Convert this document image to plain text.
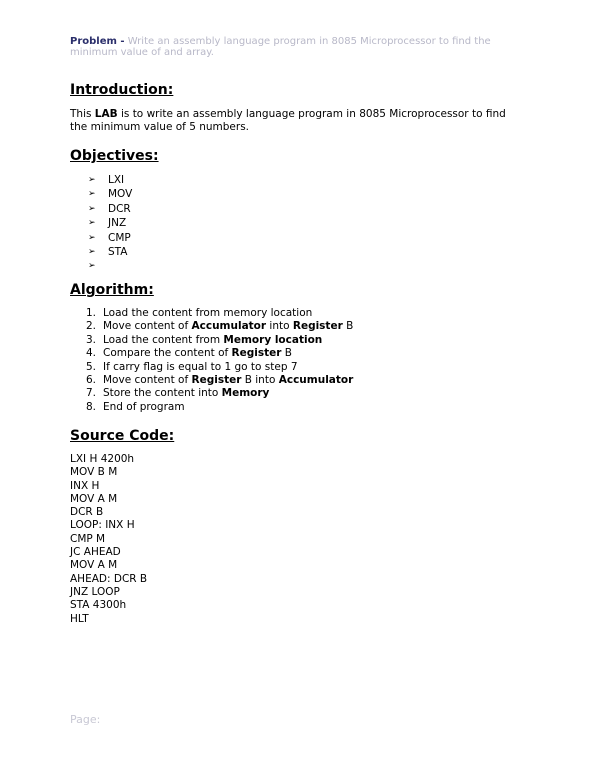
Problem - Write an assembly language program in 8085 Microprocessor to find the minimum value of and array.
Introduction:
This LAB is to write an assembly language program in 8085 Microprocessor to find the minimum value of 5 numbers.
Objectives:
➢	LXI
➢	MOV
➢	DCR
➢	JNZ
➢	CMP
➢	STA
➢
Algorithm:
1. Load the content from memory location
2. Move content of Accumulator into Register B
3. Load the content from Memory location
4. Compare the content of Register B
5. If carry flag is equal to 1 go to step 7
6. Move content of Register B into Accumulator
7. Store the content into Memory
8. End of program
Source Code:
LXI H 4200h
MOV B M
INX H
MOV A M
DCR B
LOOP: INX H
CMP M
JC AHEAD
MOV A M
AHEAD: DCR B
JNZ LOOP
STA 4300h
HLT
Page:
